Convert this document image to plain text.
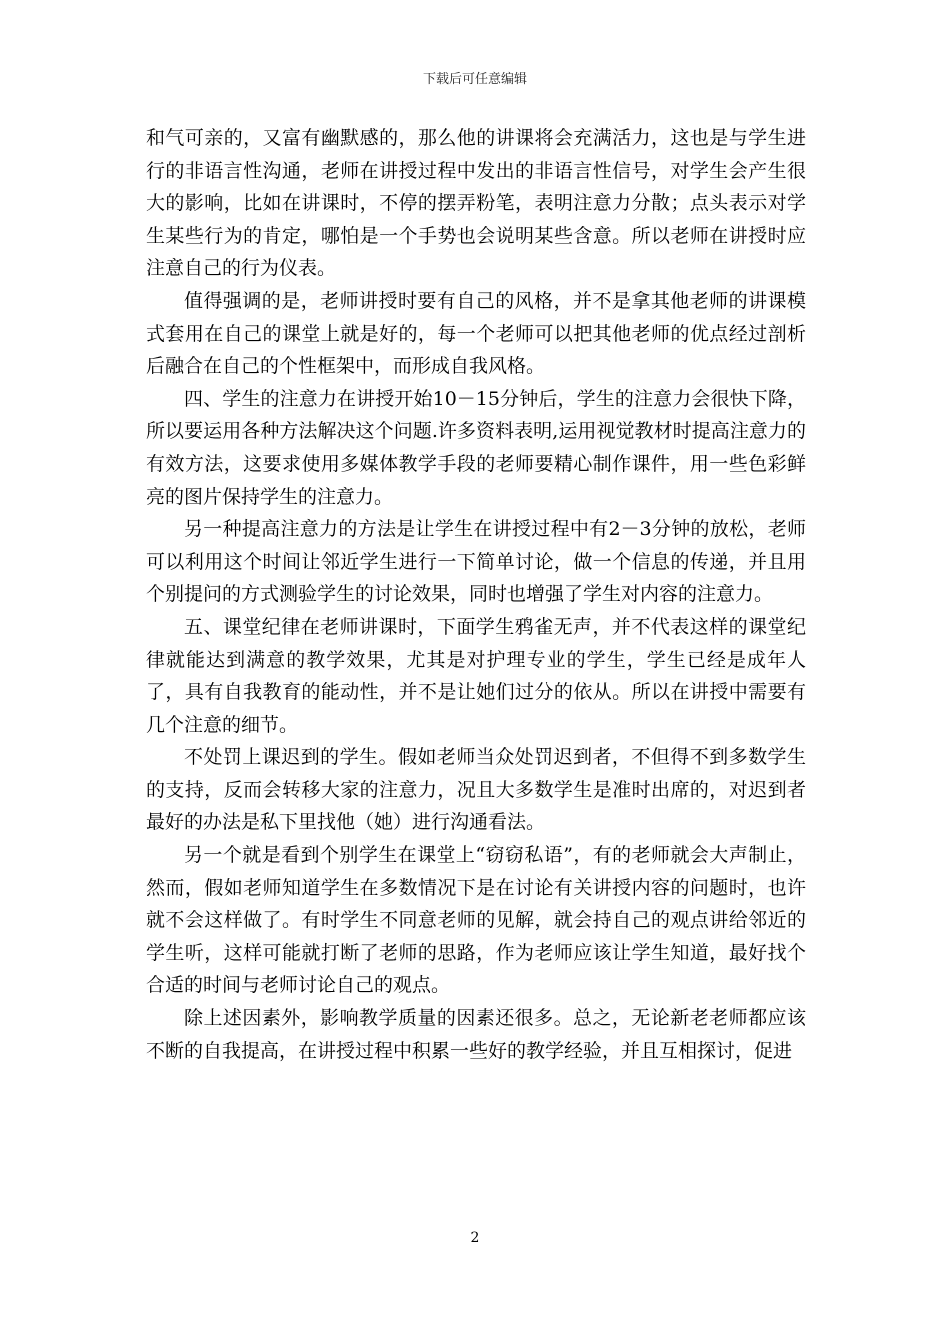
下载后可任意编辑

和气可亲的，又富有幽默感的，那么他的讲课将会充满活力，这也是与学生进行的非语言性沟通，老师在讲授过程中发出的非语言性信号，对学生会产生很大的影响，比如在讲课时，不停的摆弄粉笔，表明注意力分散；点头表示对学生某些行为的肯定，哪怕是一个手势也会说明某些含意。所以老师在讲授时应注意自己的行为仪表。

值得强调的是，老师讲授时要有自己的风格，并不是拿其他老师的讲课模式套用在自己的课堂上就是好的，每一个老师可以把其他老师的优点经过剖析后融合在自己的个性框架中，而形成自我风格。

四、学生的注意力在讲授开始10－15分钟后，学生的注意力会很快下降，所以要运用各种方法解决这个问题.许多资料表明,运用视觉教材时提高注意力的有效方法，这要求使用多媒体教学手段的老师要精心制作课件，用一些色彩鲜亮的图片保持学生的注意力。

另一种提高注意力的方法是让学生在讲授过程中有2－3分钟的放松，老师可以利用这个时间让邻近学生进行一下简单讨论，做一个信息的传递，并且用个别提问的方式测验学生的讨论效果，同时也增强了学生对内容的注意力。

五、课堂纪律在老师讲课时，下面学生鸦雀无声，并不代表这样的课堂纪律就能达到满意的教学效果，尤其是对护理专业的学生，学生已经是成年人了，具有自我教育的能动性，并不是让她们过分的依从。所以在讲授中需要有几个注意的细节。

不处罚上课迟到的学生。假如老师当众处罚迟到者，不但得不到多数学生的支持，反而会转移大家的注意力，况且大多数学生是准时出席的，对迟到者最好的办法是私下里找他（她）进行沟通看法。

另一个就是看到个别学生在课堂上“窃窃私语”，有的老师就会大声制止，然而，假如老师知道学生在多数情况下是在讨论有关讲授内容的问题时，也许就不会这样做了。有时学生不同意老师的见解，就会持自己的观点讲给邻近的学生听，这样可能就打断了老师的思路，作为老师应该让学生知道，最好找个合适的时间与老师讨论自己的观点。

除上述因素外，影响教学质量的因素还很多。总之，无论新老老师都应该不断的自我提高，在讲授过程中积累一些好的教学经验，并且互相探讨，促进

2
